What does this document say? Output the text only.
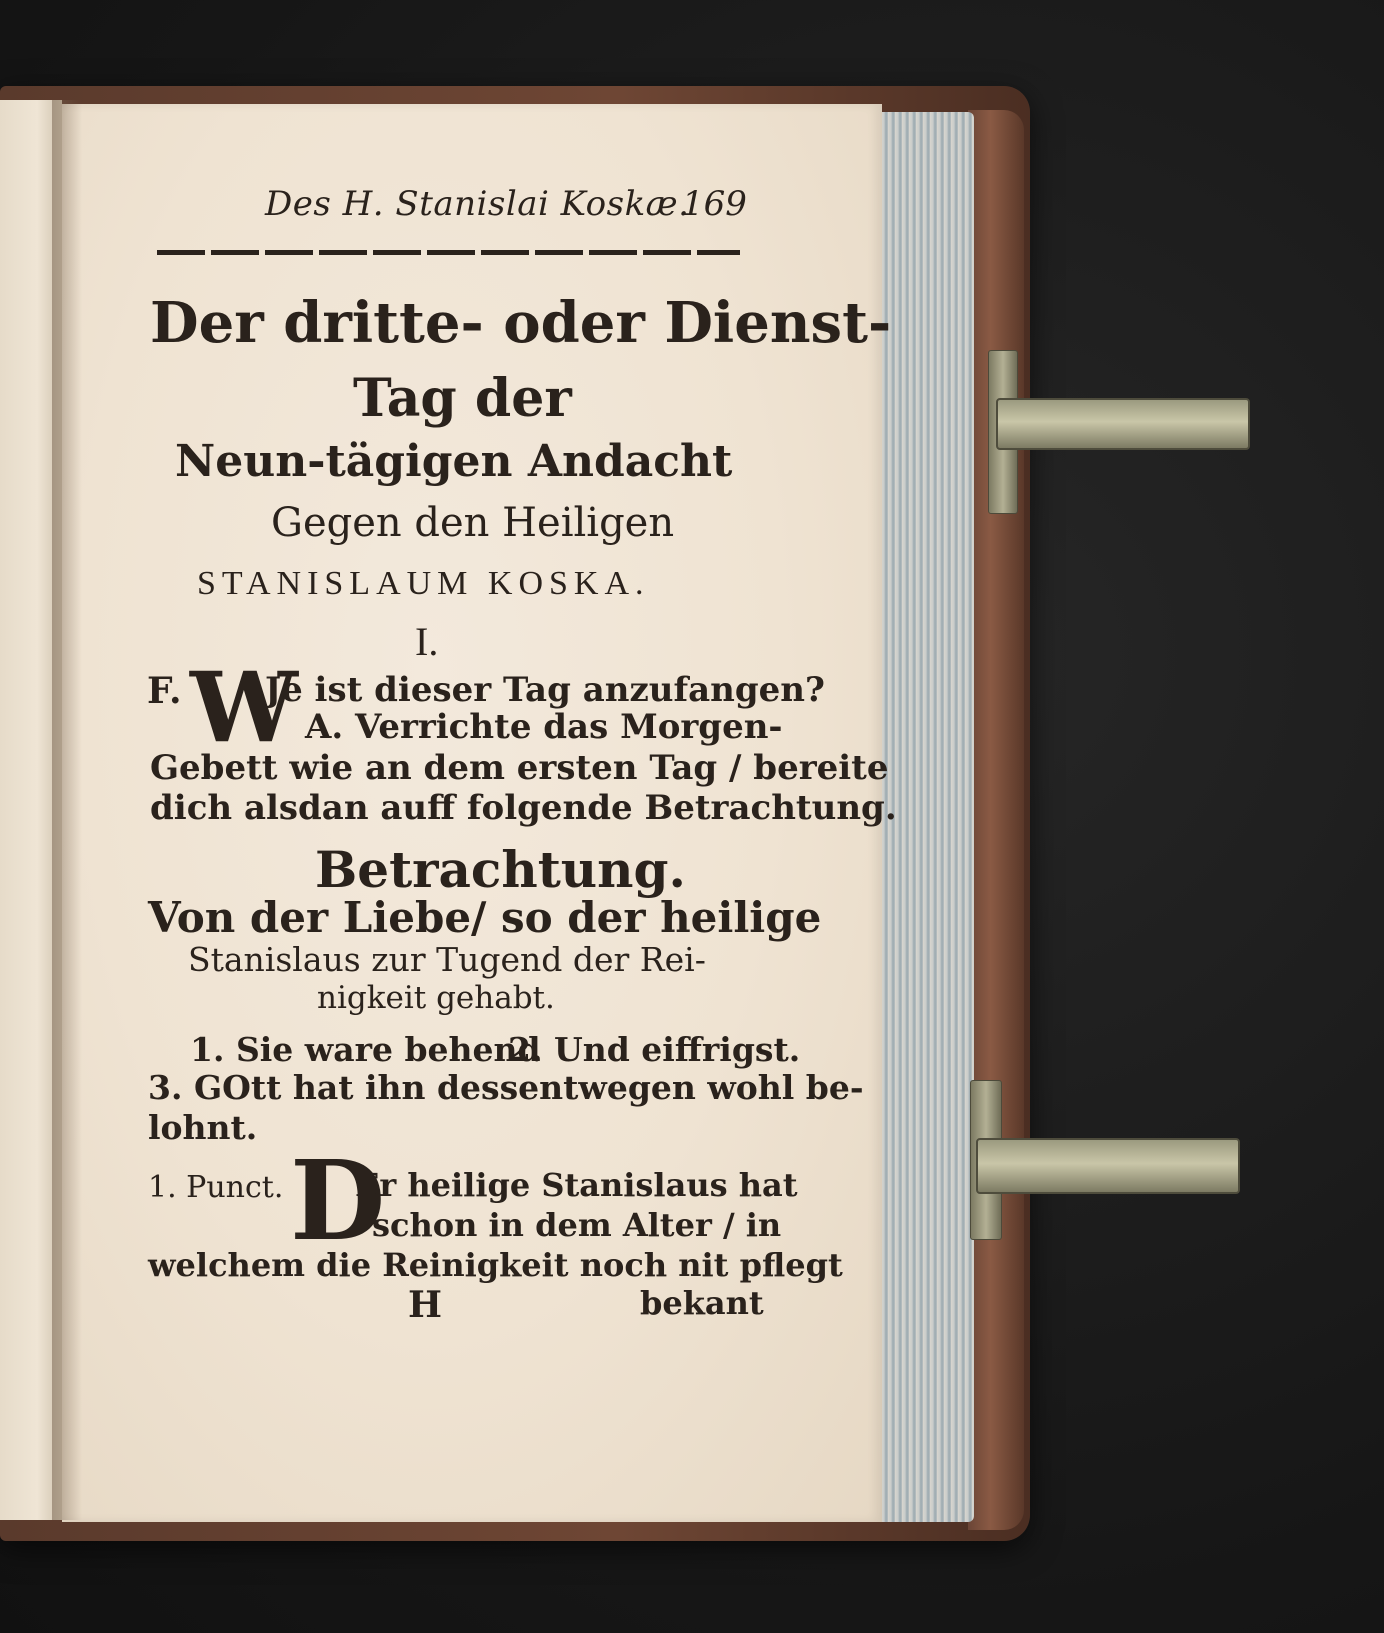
Des H. Stanislai Koskæ.
169
Der dritte- oder Dienst-
Tag der
Neun-tägigen Andacht
Gegen den Heiligen
STANISLAUM KOSKA.
I.
F. W
Je ist dieser Tag anzufangen?
A. Verrichte das Morgen-
Gebett wie an dem ersten Tag / bereite
dich alsdan auff folgende Betrachtung.
Betrachtung.
Von der Liebe/ so der heilige
Stanislaus zur Tugend der Rei-
nigkeit gehabt.
1. Sie ware behend
2. Und eiffrigst.
3. GOtt hat ihn dessentwegen wohl be-
lohnt.
1. Punct. D
Er heilige Stanislaus hat
schon in dem Alter / in
welchem die Reinigkeit noch nit pflegt
H	bekant
